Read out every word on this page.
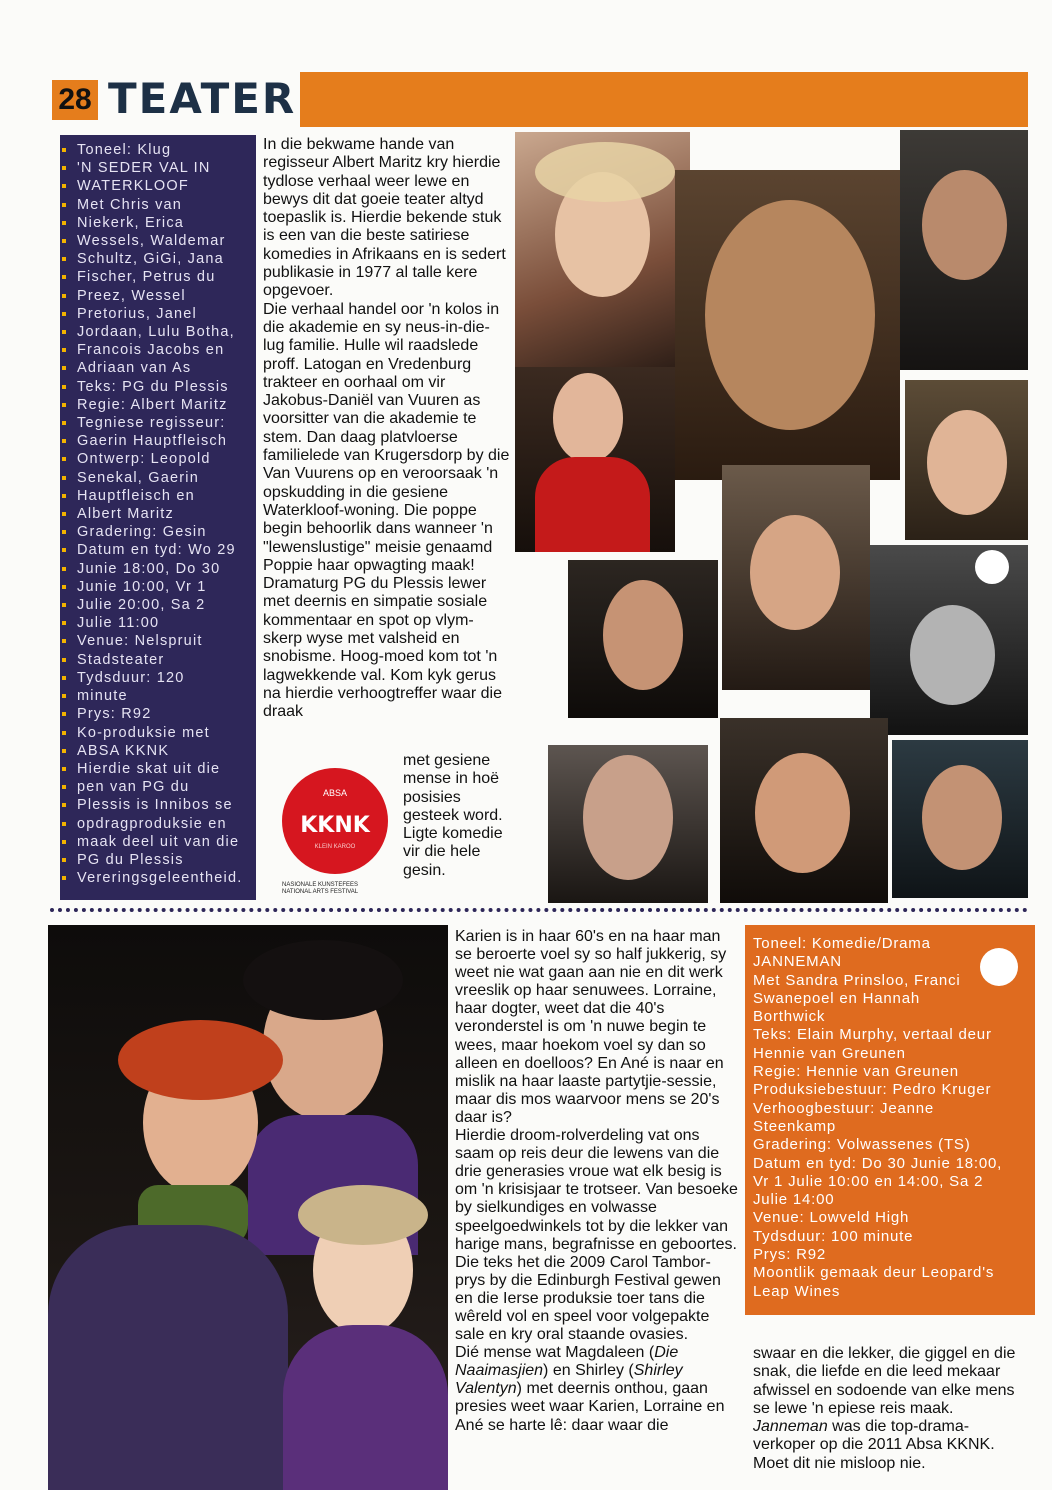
28 TEATER
Toneel: Klug
'N SEDER VAL IN
WATERKLOOF
Met Chris van
Niekerk, Erica
Wessels, Waldemar
Schultz, GiGi, Jana
Fischer, Petrus du
Preez, Wessel
Pretorius, Janel
Jordaan, Lulu Botha,
Francois Jacobs en
Adriaan van As
Teks: PG du Plessis
Regie: Albert Maritz
Tegniese regisseur:
Gaerin Hauptfleisch
Ontwerp: Leopold
Senekal, Gaerin
Hauptfleisch en
Albert Maritz
Gradering: Gesin
Datum en tyd: Wo 29
Junie 18:00, Do 30
Junie 10:00, Vr 1
Julie 20:00, Sa 2
Julie 11:00
Venue: Nelspruit
Stadsteater
Tydsduur: 120
minute
Prys: R92
Ko-produksie met
ABSA KKNK
Hierdie skat uit die
pen van PG du
Plessis is Innibos se
opdragproduksie en
maak deel uit van die
PG du Plessis
Vereringsgeleentheid.

In die bekwame hande van regisseur Albert Maritz kry hierdie tydlose verhaal weer lewe en bewys dit dat goeie teater altyd toepaslik is. Hierdie bekende stuk is een van die beste satiriese komedies in Afrikaans en is sedert publikasie in 1977 al talle kere opgevoer.

Die verhaal handel oor 'n kolos in die akademie en sy neus-in-die-lug familie. Hulle wil raadslede proff. Latogan en Vredenburg trakteer en oorhaal om vir Jakobus-Daniël van Vuuren as voorsitter van die akademie te stem. Dan daag platvloerse familielede van Krugersdorp by die Van Vuurens op en veroorsaak 'n opskudding in die gesiene Waterkloof-woning. Die poppe begin behoorlik dans wanneer 'n "lewenslustige" meisie genaamd Poppie haar opwagting maak! Dramaturg PG du Plessis lewer met deernis en simpatie sosiale kommentaar en spot op vlym-skerp wyse met valsheid en snobisme. Hoog-moed kom tot 'n lagwekkende val. Kom kyk gerus na hierdie verhoogtreffer waar die draak

met gesiene mense in hoë posisies gesteek word. Ligte komedie vir die hele gesin.
ABSA
KKNK
KLEIN KAROO
NASIONALE KUNSTEFEES
NATIONAL ARTS FESTIVAL

Karien is in haar 60's en na haar man se beroerte voel sy so half jukkerig, sy weet nie wat gaan aan nie en dit werk vreeslik op haar senuwees. Lorraine, haar dogter, weet dat die 40's veronderstel is om 'n nuwe begin te wees, maar hoekom voel sy dan so alleen en doelloos? En Ané is naar en mislik na haar laaste partytjie-sessie, maar dis mos waarvoor mens se 20's daar is?

Hierdie droom-rolverdeling vat ons saam op reis deur die lewens van die drie generasies vroue wat elk besig is om 'n krisisjaar te trotseer. Van besoeke by sielkundiges en volwasse speelgoedwinkels tot by die lekker van harige mans, begrafnisse en geboortes.

Die teks het die 2009 Carol Tambor-prys by die Edinburgh Festival gewen en die Ierse produksie toer tans die wêreld vol en speel voor volgepakte sale en kry oral staande ovasies.

Dié mense wat Magdaleen (Die Naaimasjien) en Shirley (Shirley Valentyn) met deernis onthou, gaan presies weet waar Karien, Lorraine en Ané se harte lê: daar waar die

swaar en die lekker, die giggel en die snak, die liefde en die leed mekaar afwissel en sodoende van elke mens se lewe 'n epiese reis maak.

Janneman was die top-drama-verkoper op die 2011 Absa KKNK. Moet dit nie misloop nie.

Toneel: Komedie/Drama
JANNEMAN
Met Sandra Prinsloo, Franci
Swanepoel en Hannah
Borthwick
Teks: Elain Murphy, vertaal deur
Hennie van Greunen
Regie: Hennie van Greunen
Produksiebestuur: Pedro Kruger
Verhoogbestuur: Jeanne
Steenkamp
Gradering: Volwassenes (TS)
Datum en tyd: Do 30 Junie 18:00,
Vr 1 Julie 10:00 en 14:00, Sa 2
Julie 14:00
Venue: Lowveld High
Tydsduur: 100 minute
Prys: R92
Moontlik gemaak deur Leopard's
Leap Wines
